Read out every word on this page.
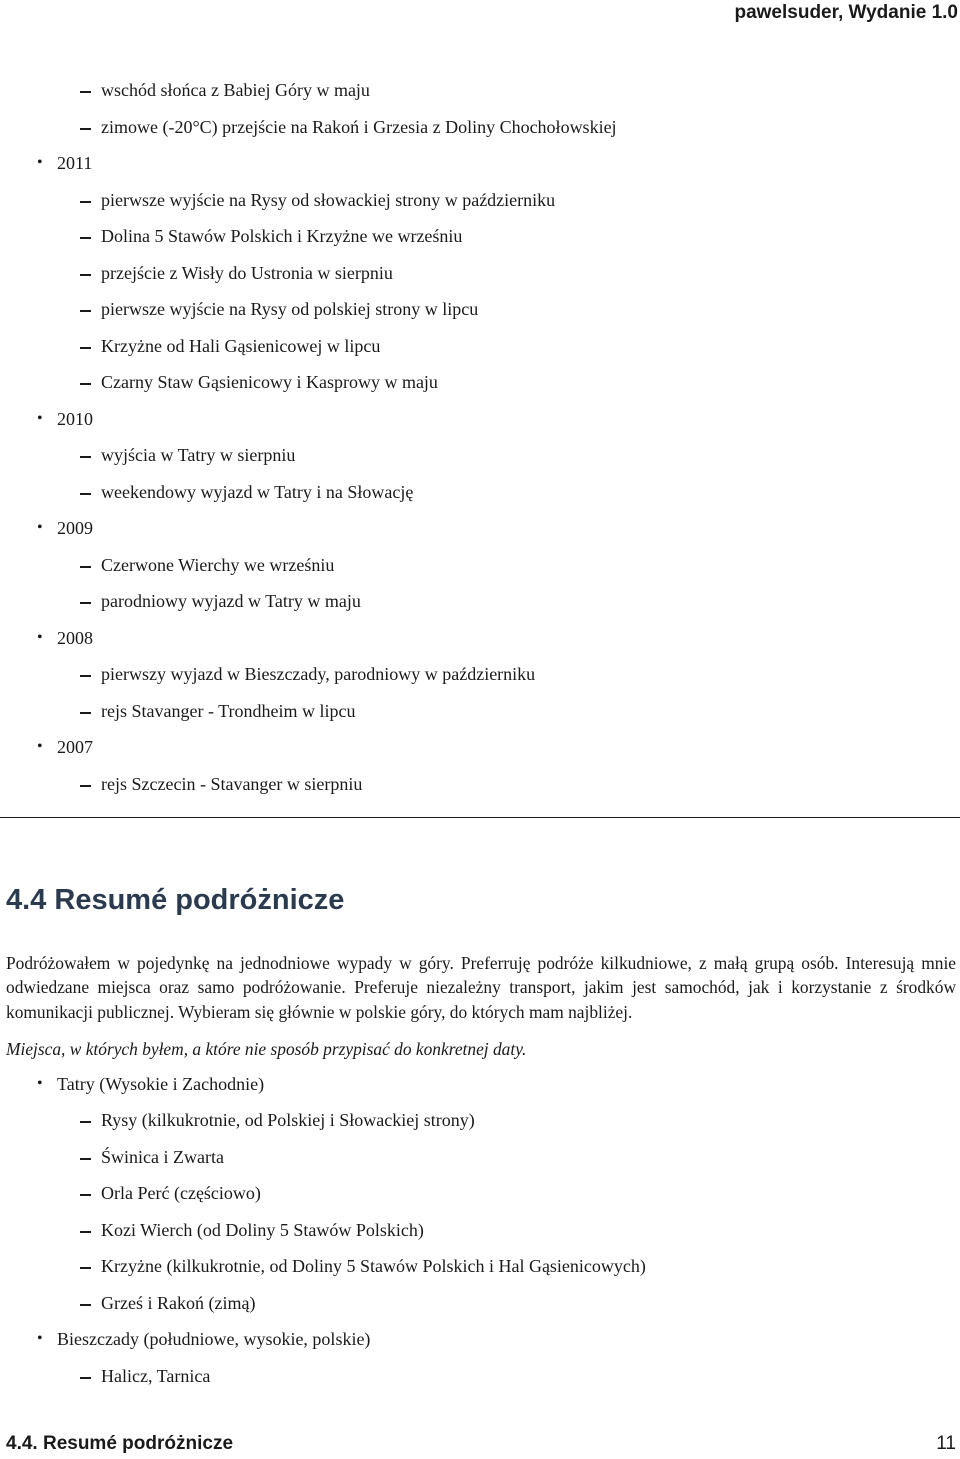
pawelsuder, Wydanie 1.0
wschód słońca z Babiej Góry w maju
zimowe (-20°C) przejście na Rakoń i Grzesia z Doliny Chochołowskiej
• 2011
pierwsze wyjście na Rysy od słowackiej strony w październiku
Dolina 5 Stawów Polskich i Krzyżne we wrześniu
przejście z Wisły do Ustronia w sierpniu
pierwsze wyjście na Rysy od polskiej strony w lipcu
Krzyżne od Hali Gąsienicowej w lipcu
Czarny Staw Gąsienicowy i Kasprowy w maju
• 2010
wyjścia w Tatry w sierpniu
weekendowy wyjazd w Tatry i na Słowację
• 2009
Czerwone Wierchy we wrześniu
parodniowy wyjazd w Tatry w maju
• 2008
pierwszy wyjazd w Bieszczady, parodniowy w październiku
rejs Stavanger - Trondheim w lipcu
• 2007
rejs Szczecin - Stavanger w sierpniu
4.4 Resumé podróżnicze

Podróżowałem w pojedynkę na jednodniowe wypady w góry. Preferruję podróże kilkudniowe, z małą grupą osób. Interesują mnie odwiedzane miejsca oraz samo podróżowanie. Preferuje niezależny transport, jakim jest samochód, jak i korzystanie z środków komunikacji publicznej. Wybieram się głównie w polskie góry, do których mam najbliżej.

Miejsca, w których byłem, a które nie sposób przypisać do konkretnej daty.

• Tatry (Wysokie i Zachodnie)
Rysy (kilkukrotnie, od Polskiej i Słowackiej strony)
Świnica i Zwarta
Orla Perć (częściowo)
Kozi Wierch (od Doliny 5 Stawów Polskich)
Krzyżne (kilkukrotnie, od Doliny 5 Stawów Polskich i Hal Gąsienicowych)
Grześ i Rakoń (zimą)
• Bieszczady (południowe, wysokie, polskie)
Halicz, Tarnica
4.4. Resumé podróżnicze	11
